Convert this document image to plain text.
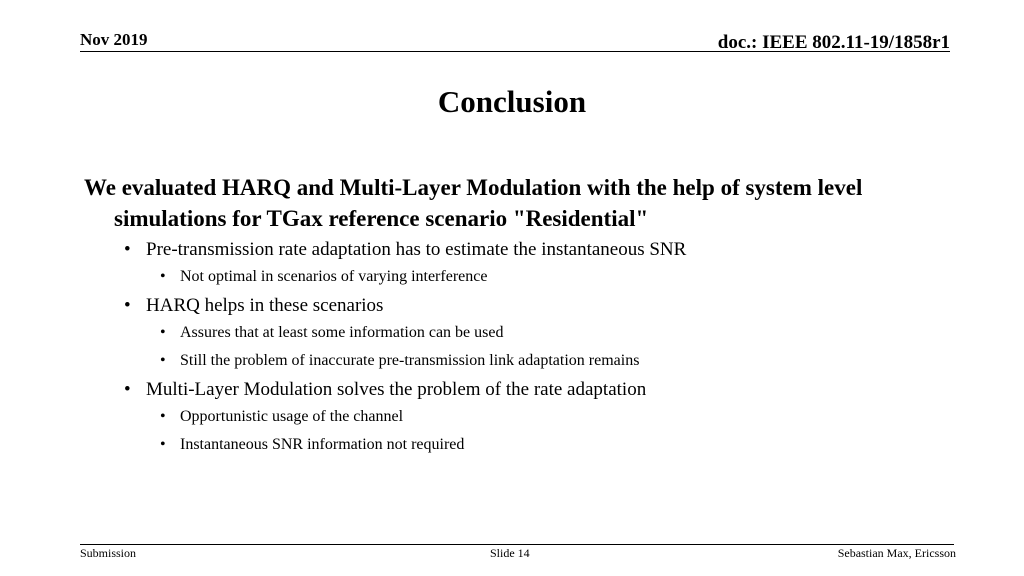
Nov 2019	doc.: IEEE 802.11-19/1858r1
Conclusion

We evaluated HARQ and Multi-Layer Modulation with the help of system level simulations for TGax reference scenario "Residential"

• Pre-transmission rate adaptation has to estimate the instantaneous SNR
• Not optimal in scenarios of varying interference
• HARQ helps in these scenarios
• Assures that at least some information can be used
• Still the problem of inaccurate pre-transmission link adaptation remains
• Multi-Layer Modulation solves the problem of the rate adaptation
• Opportunistic usage of the channel
• Instantaneous SNR information not required
Submission	Slide 14	Sebastian Max, Ericsson
